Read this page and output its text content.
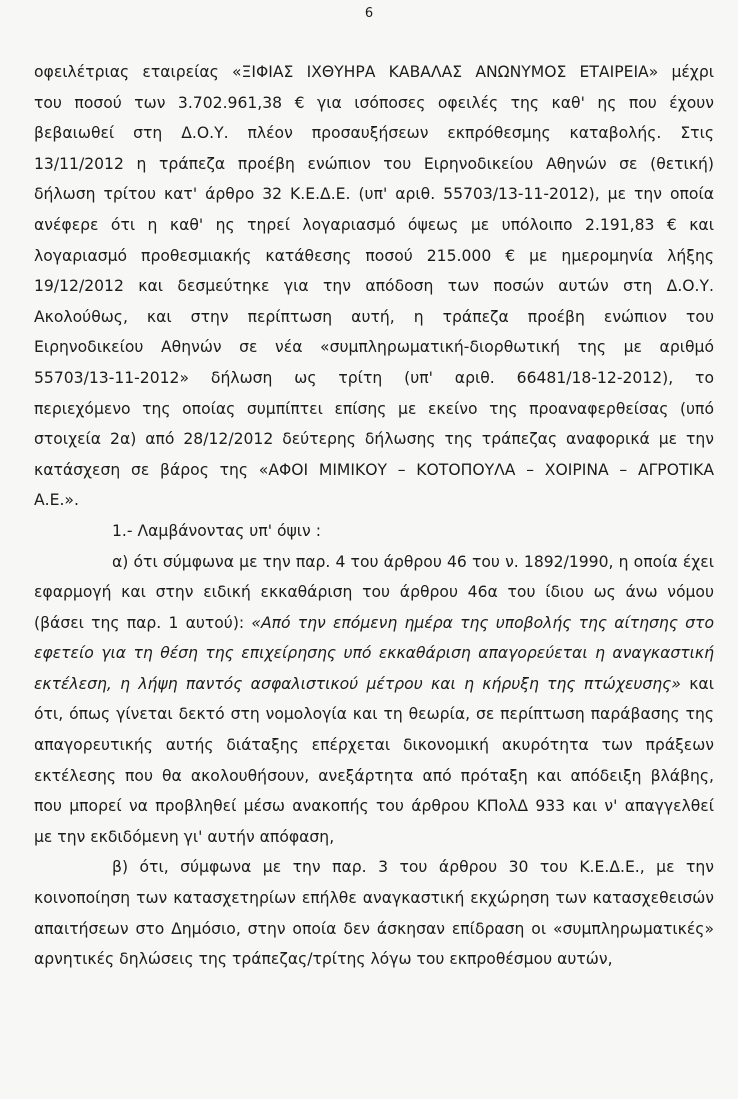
6
οφειλέτριας εταιρείας «ΞΙΦΙΑΣ ΙΧΘΥΗΡΑ ΚΑΒΑΛΑΣ ΑΝΩΝΥΜΟΣ ΕΤΑΙΡΕΙΑ» μέχρι
του ποσού των 3.702.961,38 € για ισόποσες οφειλές της καθ' ης που έχουν
βεβαιωθεί στη Δ.Ο.Υ. πλέον προσαυξήσεων εκπρόθεσμης καταβολής. Στις
13/11/2012 η τράπεζα προέβη ενώπιον του Ειρηνοδικείου Αθηνών σε (θετική)
δήλωση τρίτου κατ' άρθρο 32 Κ.Ε.Δ.Ε. (υπ' αριθ. 55703/13-11-2012), με την οποία
ανέφερε ότι η καθ' ης τηρεί λογαριασμό όψεως με υπόλοιπο 2.191,83 € και
λογαριασμό προθεσμιακής κατάθεσης ποσού 215.000 € με ημερομηνία λήξης
19/12/2012 και δεσμεύτηκε για την απόδοση των ποσών αυτών στη Δ.Ο.Υ.
Ακολούθως, και στην περίπτωση αυτή, η τράπεζα προέβη ενώπιον του
Ειρηνοδικείου Αθηνών σε νέα «συμπληρωματική-διορθωτική της με αριθμό
55703/13-11-2012» δήλωση ως τρίτη (υπ' αριθ. 66481/18-12-2012), το
περιεχόμενο της οποίας συμπίπτει επίσης με εκείνο της προαναφερθείσας (υπό
στοιχεία 2α) από 28/12/2012 δεύτερης δήλωσης της τράπεζας αναφορικά με την
κατάσχεση σε βάρος της «ΑΦΟΙ ΜΙΜΙΚΟΥ – ΚΟΤΟΠΟΥΛΑ – ΧΟΙΡΙΝΑ – ΑΓΡΟΤΙΚΑ
Α.Ε.».
1.- Λαμβάνοντας υπ' όψιν :
α) ότι σύμφωνα με την παρ. 4 του άρθρου 46 του ν. 1892/1990, η οποία έχει
εφαρμογή και στην ειδική εκκαθάριση του άρθρου 46α του ίδιου ως άνω νόμου
(βάσει της παρ. 1 αυτού): «Από την επόμενη ημέρα της υποβολής της αίτησης στο
εφετείο για τη θέση της επιχείρησης υπό εκκαθάριση απαγορεύεται η αναγκαστική
εκτέλεση, η λήψη παντός ασφαλιστικού μέτρου και η κήρυξη της πτώχευσης» και
ότι, όπως γίνεται δεκτό στη νομολογία και τη θεωρία, σε περίπτωση παράβασης της
απαγορευτικής αυτής διάταξης επέρχεται δικονομική ακυρότητα των πράξεων
εκτέλεσης που θα ακολουθήσουν, ανεξάρτητα από πρόταξη και απόδειξη βλάβης,
που μπορεί να προβληθεί μέσω ανακοπής του άρθρου ΚΠολΔ 933 και ν' απαγγελθεί
με την εκδιδόμενη γι' αυτήν απόφαση,
β) ότι, σύμφωνα με την παρ. 3 του άρθρου 30 του Κ.Ε.Δ.Ε., με την
κοινοποίηση των κατασχετηρίων επήλθε αναγκαστική εκχώρηση των κατασχεθεισών
απαιτήσεων στο Δημόσιο, στην οποία δεν άσκησαν επίδραση οι «συμπληρωματικές»
αρνητικές δηλώσεις της τράπεζας/τρίτης λόγω του εκπροθέσμου αυτών,
